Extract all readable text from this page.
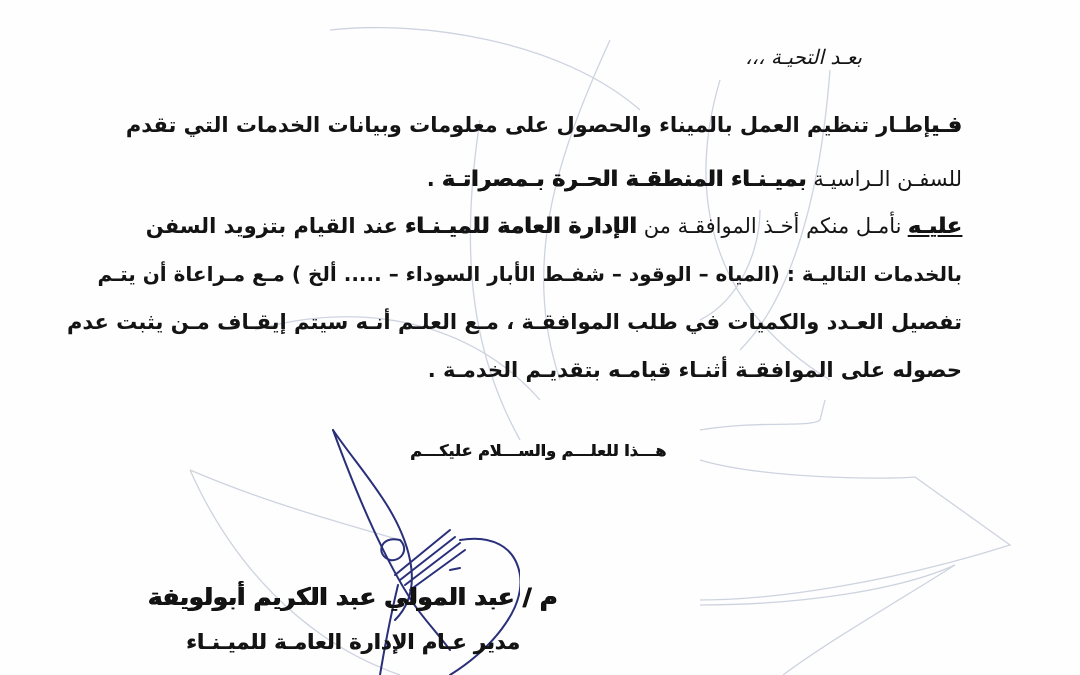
بعـد التحيـة ،،،
فـيإطـار تنظيم العمل بالميناء والحصول على معلومات وبيانات الخدمات التي تقدم
للسفـن الـراسيـة بميـنـاء المنطقـة الحـرة بـمصراتـة .
عليـه نأمـل منكم أخـذ الموافقـة من الإدارة العامة للميـنـاء عند القيام بتزويد السفن
بالخدمات التاليـة : (المياه – الوقود – شفـط الأبار السوداء – ..... ألخ ) مـع مـراعاة أن يتـم
تفصيل العـدد والكميات في طلب الموافقـة ، مـع العلـم أنـه سيتم إيقـاف مـن يثبت عدم
حصوله على الموافقـة أثنـاء قيامـه بتقديـم الخدمـة .
هـــذا للعلـــم والســـلام عليكـــم
م / عبد المولي عبد الكريم أبولويفة
مدير عـام الإدارة العامـة للميـنـاء
